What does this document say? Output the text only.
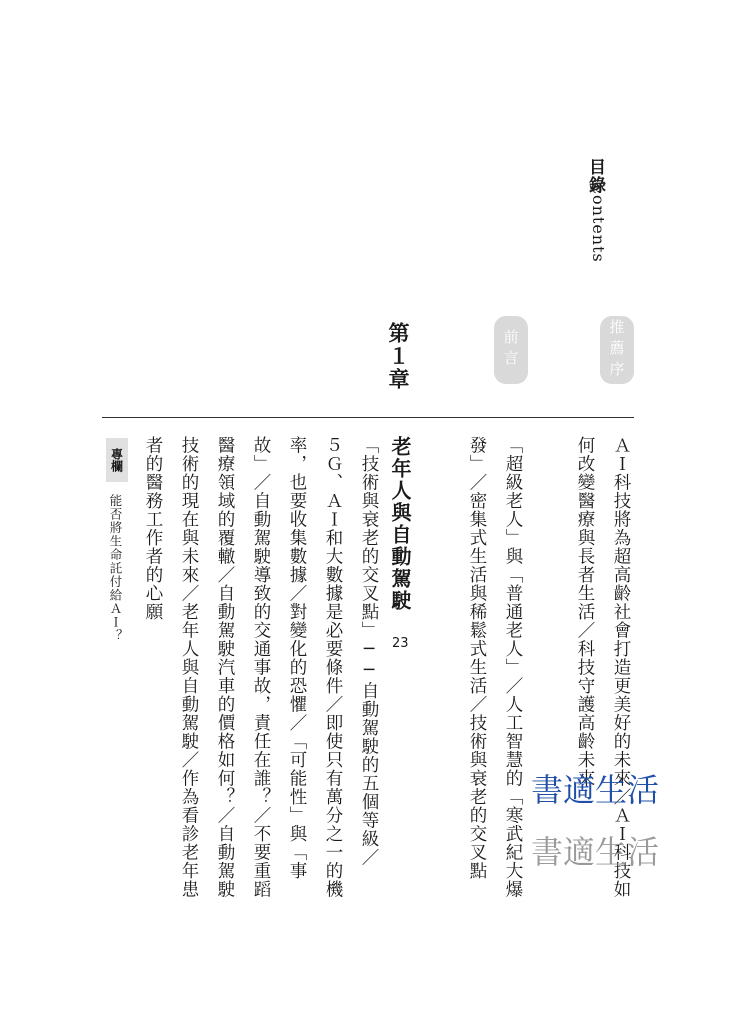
目錄
contents
推薦序
前言
第１章
ＡＩ科技將為超高齡社會打造更美好的未來／ＡＩ科技如
何改變醫療與長者生活／科技守護高齡未來
「超級老人」與「普通老人」／人工智慧的「寒武紀大爆
發」／密集式生活與稀鬆式生活／技術與衰老的交叉點
老年人與自動駕駛
23
「技術與衰老的交叉點」──自動駕駛的五個等級／
５Ｇ、ＡＩ和大數據是必要條件／即使只有萬分之一的機
率，也要收集數據／對變化的恐懼／「可能性」與「事
故」／自動駕駛導致的交通事故，責任在誰？／不要重蹈
醫療領域的覆轍／自動駕駛汽車的價格如何？／自動駕駛
技術的現在與未來／老年人與自動駕駛／作為看診老年患
者的醫務工作者的心願
專欄
能否將生命託付給ＡＩ？
書適生活
書適生活
